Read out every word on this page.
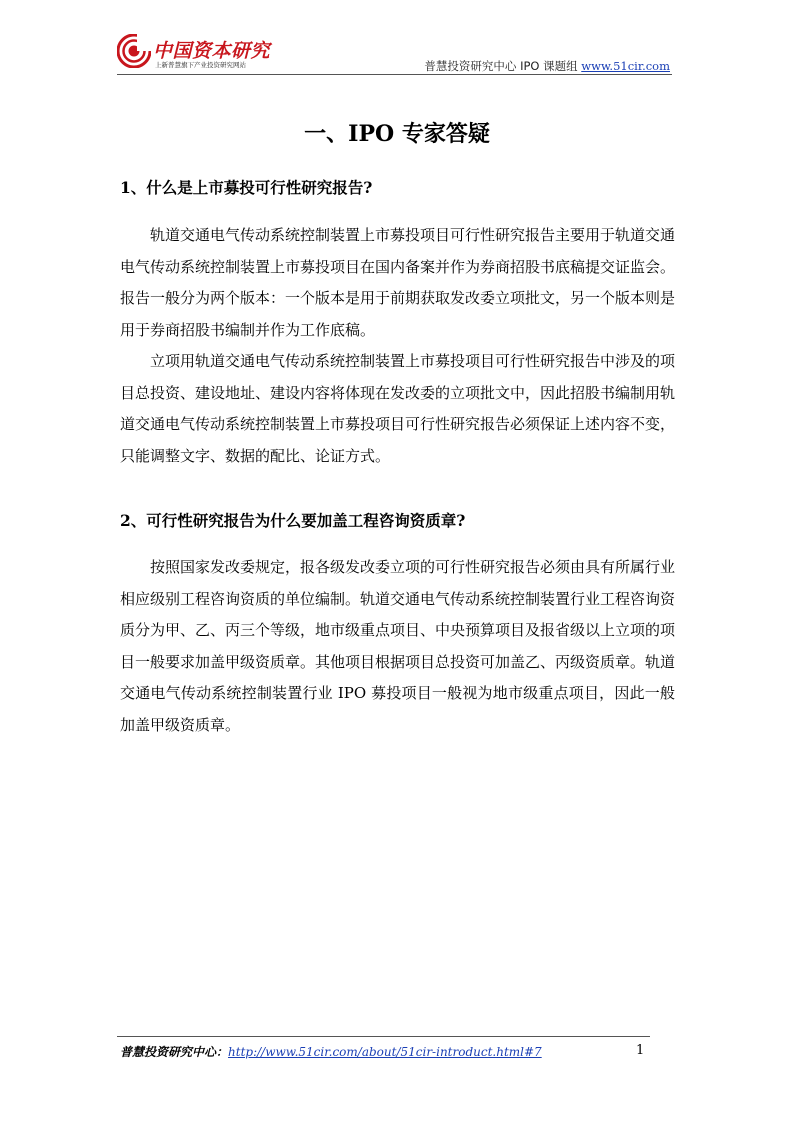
中国资本研究
上新普慧旗下产业投资研究网站	普慧投资研究中心 IPO 课题组 www.51cir.com
一、IPO 专家答疑
1、什么是上市募投可行性研究报告?

轨道交通电气传动系统控制装置上市募投项目可行性研究报告主要用于轨道交通电气传动系统控制装置上市募投项目在国内备案并作为券商招股书底稿提交证监会。报告一般分为两个版本：一个版本是用于前期获取发改委立项批文，另一个版本则是用于券商招股书编制并作为工作底稿。

立项用轨道交通电气传动系统控制装置上市募投项目可行性研究报告中涉及的项目总投资、建设地址、建设内容将体现在发改委的立项批文中，因此招股书编制用轨道交通电气传动系统控制装置上市募投项目可行性研究报告必须保证上述内容不变，只能调整文字、数据的配比、论证方式。

2、可行性研究报告为什么要加盖工程咨询资质章?

按照国家发改委规定，报各级发改委立项的可行性研究报告必须由具有所属行业相应级别工程咨询资质的单位编制。轨道交通电气传动系统控制装置行业工程咨询资质分为甲、乙、丙三个等级，地市级重点项目、中央预算项目及报省级以上立项的项目一般要求加盖甲级资质章。其他项目根据项目总投资可加盖乙、丙级资质章。轨道交通电气传动系统控制装置行业 IPO 募投项目一般视为地市级重点项目，因此一般加盖甲级资质章。

普慧投资研究中心：http://www.51cir.com/about/51cir-introduct.html#7	1
